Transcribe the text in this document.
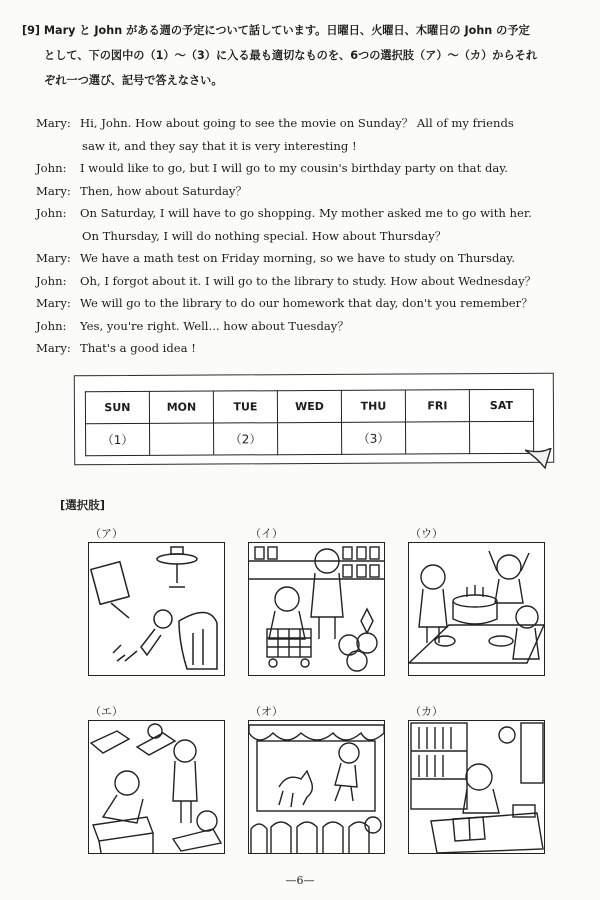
[9] Mary と John がある週の予定について話しています。日曜日、火曜日、木曜日の John の予定

として、下の図中の（1）〜（3）に入る最も適切なものを、6つの選択肢（ア）〜（カ）からそれ

ぞれ一つ選び、記号で答えなさい。

Mary :	Hi, John. How about going to see the movie on Sunday？ All of my friends
saw it, and they say that it is very interesting !
John :	I would like to go, but I will go to my cousin's birthday party on that day.
Mary :	Then, how about Saturday？
John :	On Saturday, I will have to go shopping. My mother asked me to go with her.
On Thursday, I will do nothing special. How about Thursday？
Mary :	We have a math test on Friday morning, so we have to study on Thursday.
John :	Oh, I forgot about it. I will go to the library to study. How about Wednesday？
Mary :	We will go to the library to do our homework that day, don't you remember？
John :	Yes, you're right. Well... how about Tuesday？
Mary :	That's a good idea !
SUN	MON	TUE	WED	THU	FRI	SAT
（1）		（2）		（3）		
[選択肢]
（ア）	（イ）	（ウ）
（エ）	（オ）	（カ）
—6—
